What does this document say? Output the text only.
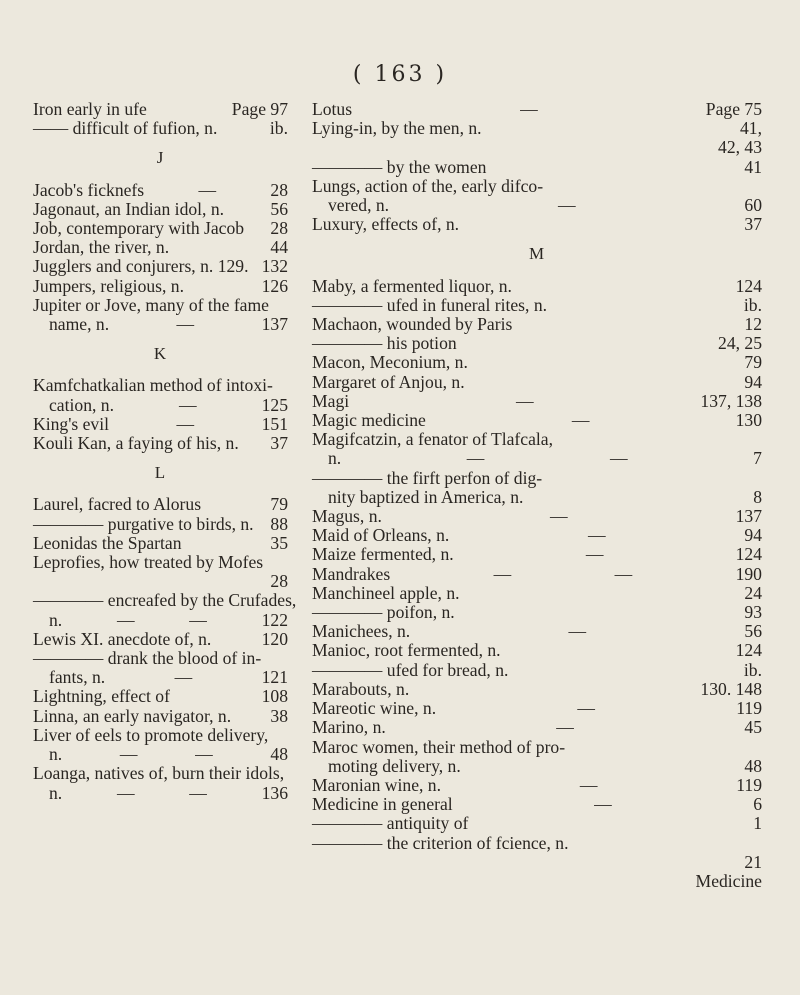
( 163 )
Iron early in ufe	Page 97
—— difficult of fufion, n.	ib.
J
Jacob's ficknefs	—	28
Jagonaut, an Indian idol, n.	56
Job, contemporary with Jacob 28
Jordan, the river, n.	44
Jugglers and conjurers, n. 129. 132
Jumpers, religious, n.	126
Jupiter or Jove, many of the fame
name, n.	—	137
K
Kamfchatkalian method of intoxi-
cation, n.	—	125
King's evil	—	151
Kouli Kan, a faying of his, n. 37
L
Laurel, facred to Alorus	79
———— purgative to birds, n. 88
Leonidas the Spartan	35
Leprofies, how treated by Mofes
28
———— encreafed by the Crufades,
n.	—	—	122
Lewis XI. anecdote of, n.	120
———— drank the blood of in-
fants, n.	—	121
Lightning, effect of	108
Linna, an early navigator, n. 38
Liver of eels to promote delivery,
n.	—	—	48
Loanga, natives of, burn their idols,
n.	—	—	136
Lotus	—	Page 75
Lying-in, by the men, n.	41,
42, 43
———— by the women	41
Lungs, action of the, early difco-
vered, n.	—	60
Luxury, effects of, n.	37
M
Maby, a fermented liquor, n.	124
———— ufed in funeral rites, n.	ib.
Machaon, wounded by Paris	12
———— his potion	24, 25
Macon, Meconium, n.	79
Margaret of Anjou, n.	94
Magi	—	137, 138
Magic medicine	—	130
Magifcatzin, a fenator of Tlafcala,
n.	—	—	7
———— the firft perfon of dig-
nity baptized in America, n.	8
Magus, n.	—	137
Maid of Orleans, n.	—	94
Maize fermented, n.	—	124
Mandrakes	—	—	190
Manchineel apple, n.	24
———— poifon, n.	93
Manichees, n.	—	56
Manioc, root fermented, n.	124
———— ufed for bread, n.	ib.
Marabouts, n.	130. 148
Mareotic wine, n.	—	119
Marino, n.	—	45
Maroc women, their method of pro-
moting delivery, n.	48
Maronian wine, n.	—	119
Medicine in general	—	6
———— antiquity of	1
———— the criterion of fcience, n.
21
Medicine
